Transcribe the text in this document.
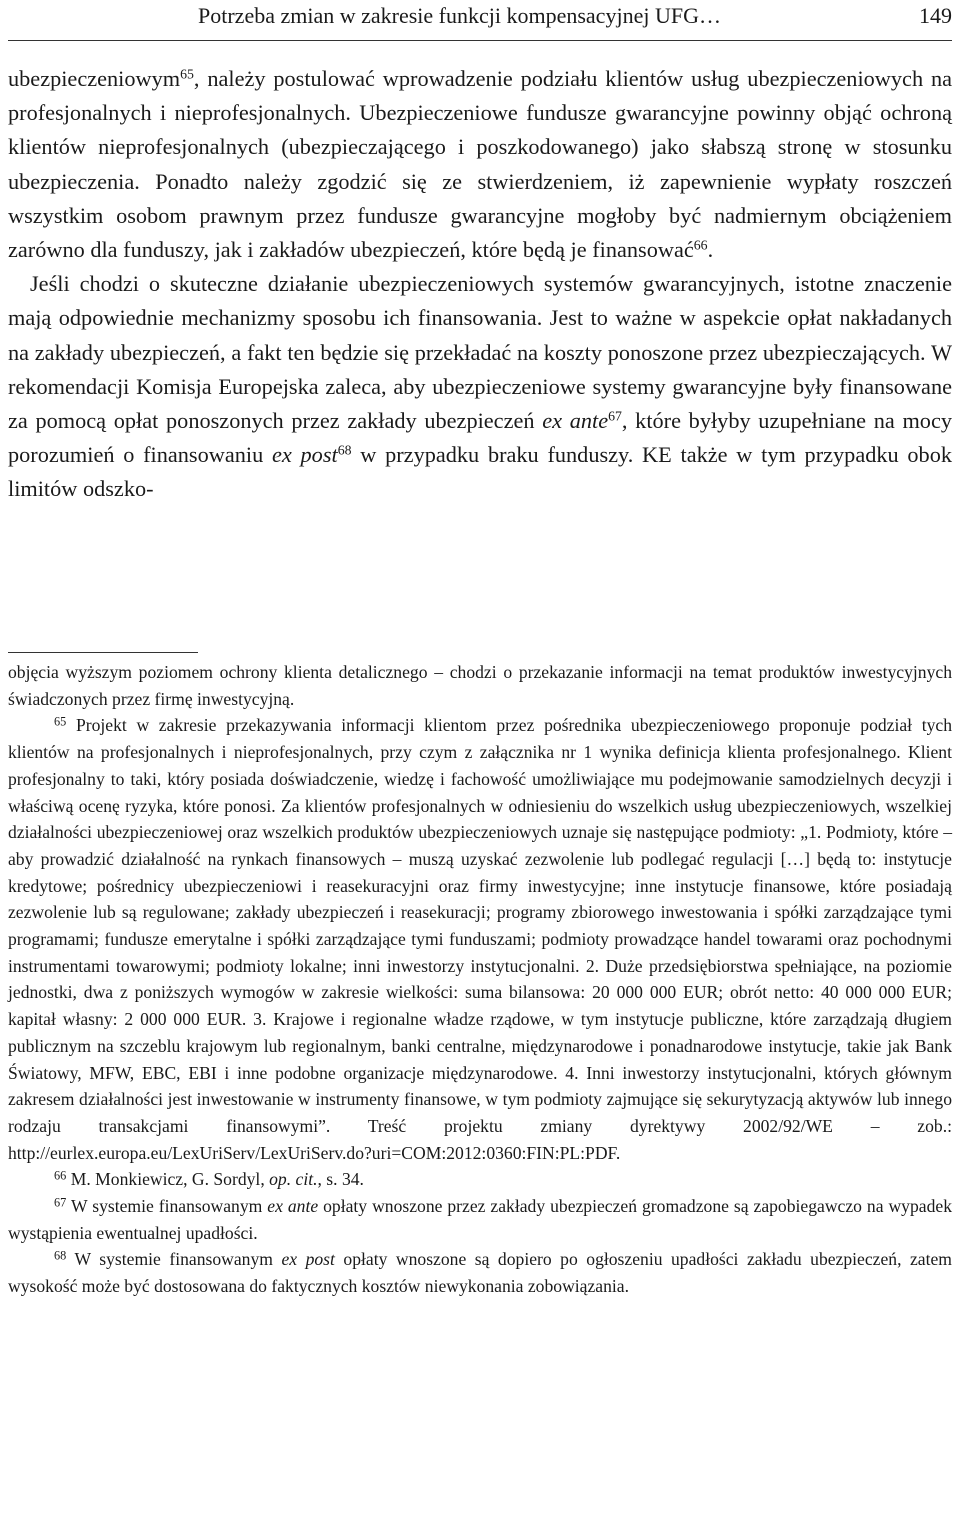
Potrzeba zmian w zakresie funkcji kompensacyjnej UFG…	149

ubezpieczeniowym$^{65}$, należy postulować wprowadzenie podziału klientów usług ubezpieczeniowych na profesjonalnych i nieprofesjonalnych. Ubezpieczeniowe fundusze gwarancyjne powinny objąć ochroną klientów nieprofesjonalnych (ubezpieczającego i poszkodowanego) jako słabszą stronę w stosunku ubezpieczenia. Ponadto należy zgodzić się ze stwierdzeniem, iż zapewnienie wypłaty roszczeń wszystkim osobom prawnym przez fundusze gwarancyjne mogłoby być nadmiernym obciążeniem zarówno dla funduszy, jak i zakładów ubezpieczeń, które będą je finansować$^{66}$.

Jeśli chodzi o skuteczne działanie ubezpieczeniowych systemów gwarancyjnych, istotne znaczenie mają odpowiednie mechanizmy sposobu ich finansowania. Jest to ważne w aspekcie opłat nakładanych na zakłady ubezpieczeń, a fakt ten będzie się przekładać na koszty ponoszone przez ubezpieczających. W rekomendacji Komisja Europejska zaleca, aby ubezpieczeniowe systemy gwarancyjne były finansowane za pomocą opłat ponoszonych przez zakłady ubezpieczeń ex ante$^{67}$, które byłyby uzupełniane na mocy porozumień o finansowaniu ex post$^{68}$ w przypadku braku funduszy. KE także w tym przypadku obok limitów odszko-

objęcia wyższym poziomem ochrony klienta detalicznego – chodzi o przekazanie informacji na temat produktów inwestycyjnych świadczonych przez firmę inwestycyjną.

$^{65}$ Projekt w zakresie przekazywania informacji klientom przez pośrednika ubezpieczeniowego proponuje podział tych klientów na profesjonalnych i nieprofesjonalnych, przy czym z załącznika nr 1 wynika definicja klienta profesjonalnego. Klient profesjonalny to taki, który posiada doświadczenie, wiedzę i fachowość umożliwiające mu podejmowanie samodzielnych decyzji i właściwą ocenę ryzyka, które ponosi. Za klientów profesjonalnych w odniesieniu do wszelkich usług ubezpieczeniowych, wszelkiej działalności ubezpieczeniowej oraz wszelkich produktów ubezpieczeniowych uznaje się następujące podmioty: „1. Podmioty, które – aby prowadzić działalność na rynkach finansowych – muszą uzyskać zezwolenie lub podlegać regulacji […] będą to: instytucje kredytowe; pośrednicy ubezpieczeniowi i reasekuracyjni oraz firmy inwestycyjne; inne instytucje finansowe, które posiadają zezwolenie lub są regulowane; zakłady ubezpieczeń i reasekuracji; programy zbiorowego inwestowania i spółki zarządzające tymi programami; fundusze emerytalne i spółki zarządzające tymi funduszami; podmioty prowadzące handel towarami oraz pochodnymi instrumentami towarowymi; podmioty lokalne; inni inwestorzy instytucjonalni. 2. Duże przedsiębiorstwa spełniające, na poziomie jednostki, dwa z poniższych wymogów w zakresie wielkości: suma bilansowa: 20 000 000 EUR; obrót netto: 40 000 000 EUR; kapitał własny: 2 000 000 EUR. 3. Krajowe i regionalne władze rządowe, w tym instytucje publiczne, które zarządzają długiem publicznym na szczeblu krajowym lub regionalnym, banki centralne, międzynarodowe i ponadnarodowe instytucje, takie jak Bank Światowy, MFW, EBC, EBI i inne podobne organizacje międzynarodowe. 4. Inni inwestorzy instytucjonalni, których głównym zakresem działalności jest inwestowanie w instrumenty finansowe, w tym podmioty zajmujące się sekurytyzacją aktywów lub innego rodzaju transakcjami finansowymi”. Treść projektu zmiany dyrektywy 2002/92/WE – zob.: http://eurlex.europa.eu/LexUriServ/LexUriServ.do?uri=COM:2012:0360:FIN:PL:PDF.

$^{66}$ M. Monkiewicz, G. Sordyl, op. cit., s. 34.

$^{67}$ W systemie finansowanym ex ante opłaty wnoszone przez zakłady ubezpieczeń gromadzone są zapobiegawczo na wypadek wystąpienia ewentualnej upadłości.

$^{68}$ W systemie finansowanym ex post opłaty wnoszone są dopiero po ogłoszeniu upadłości zakładu ubezpieczeń, zatem wysokość może być dostosowana do faktycznych kosztów niewykonania zobowiązania.
